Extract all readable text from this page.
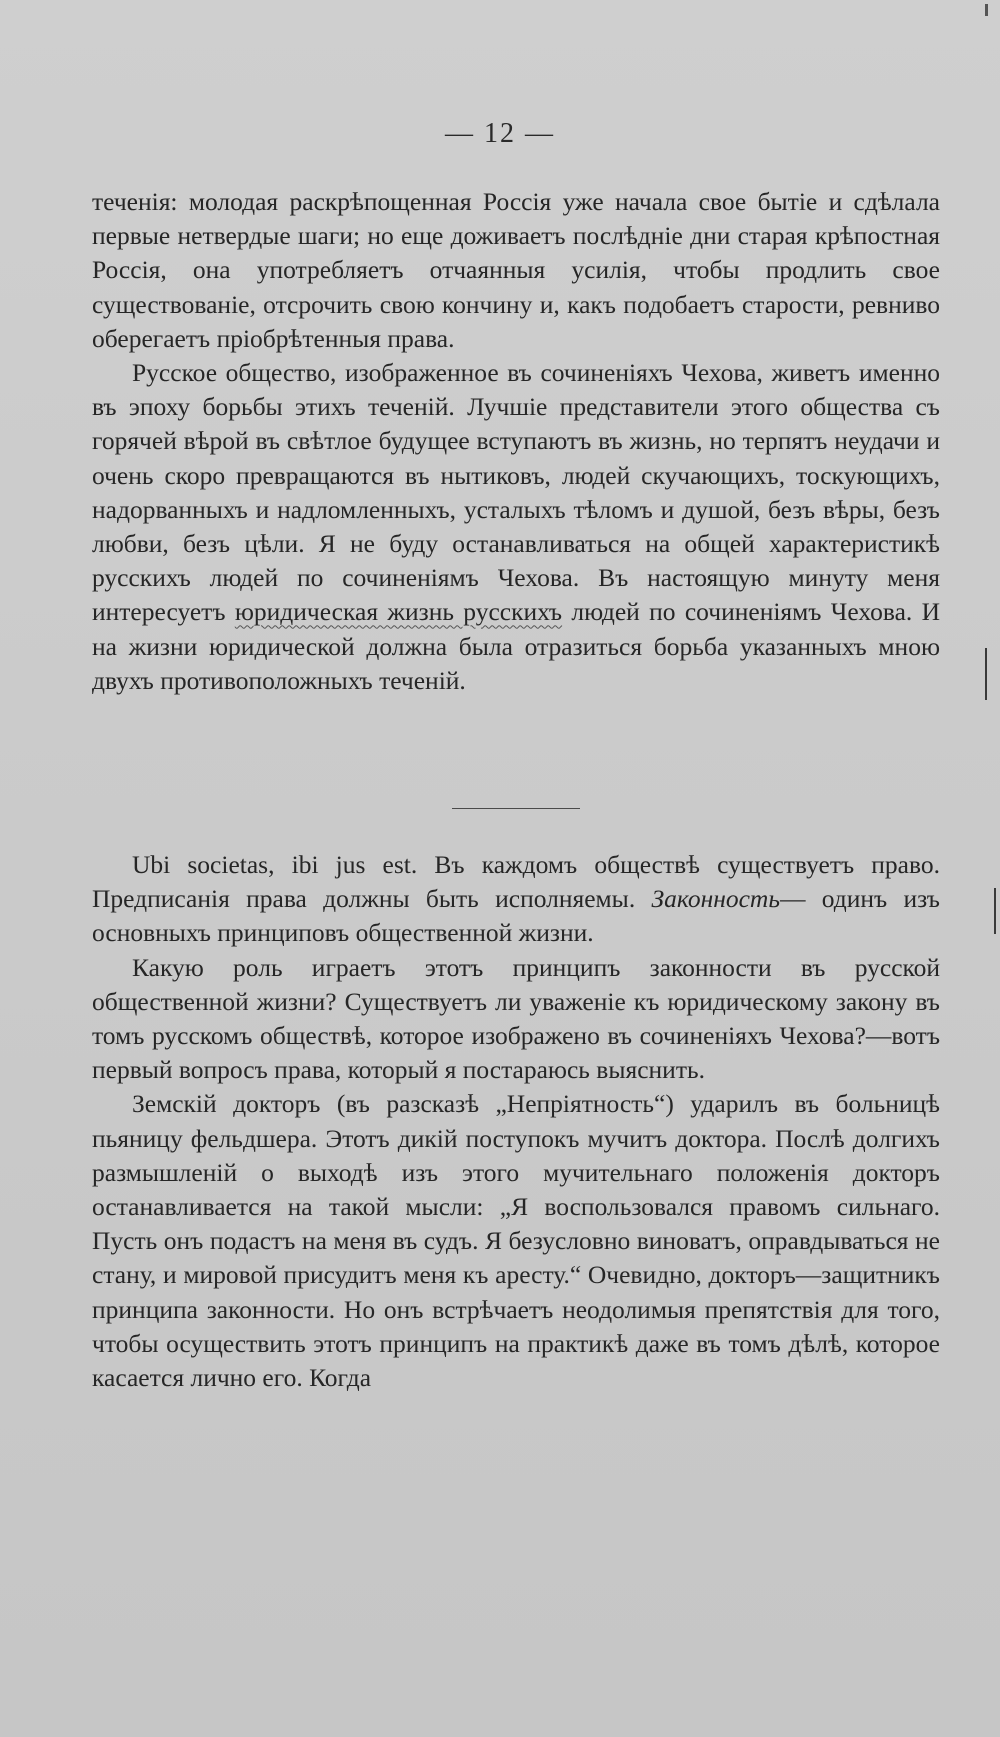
— 12 —

теченія: молодая раскрѣпощенная Россія уже начала свое бытіе и сдѣлала первые нетвердые шаги; но еще доживаетъ послѣдніе дни старая крѣпостная Россія, она употребляетъ отчаянныя усилія, чтобы продлить свое существованіе, отсрочить свою кончину и, какъ подобаетъ старости, ревниво оберегаетъ пріобрѣтенныя права.

Русское общество, изображенное въ сочиненіяхъ Чехова, живетъ именно въ эпоху борьбы этихъ теченій. Лучшіе представители этого общества съ горячей вѣрой въ свѣтлое будущее вступаютъ въ жизнь, но терпятъ неудачи и очень скоро превращаются въ нытиковъ, людей скучающихъ, тоскующихъ, надорванныхъ и надломленныхъ, усталыхъ тѣломъ и душой, безъ вѣры, безъ любви, безъ цѣли. Я не буду останавливаться на общей характеристикѣ русскихъ людей по сочиненіямъ Чехова. Въ настоящую минуту меня интересуетъ юридическая жизнь русскихъ людей по сочиненіямъ Чехова. И на жизни юридической должна была отразиться борьба указанныхъ мною двухъ противоположныхъ теченій.

Ubi societas, ibi jus est. Въ каждомъ обществѣ существуетъ право. Предписанія права должны быть исполняемы. Законность— одинъ изъ основныхъ принциповъ общественной жизни.

Какую роль играетъ этотъ принципъ законности въ русской общественной жизни? Существуетъ ли уваженіе къ юридическому закону въ томъ русскомъ обществѣ, которое изображено въ сочиненіяхъ Чехова?—вотъ первый вопросъ права, который я постараюсь выяснить.

Земскій докторъ (въ разсказѣ „Непріятность“) ударилъ въ больницѣ пьяницу фельдшера. Этотъ дикій поступокъ мучитъ доктора. Послѣ долгихъ размышленій о выходѣ изъ этого мучительнаго положенія докторъ останавливается на такой мысли: „Я воспользовался правомъ сильнаго. Пусть онъ подастъ на меня въ судъ. Я безусловно виноватъ, оправдываться не стану, и мировой присудитъ меня къ аресту.“ Очевидно, докторъ—защитникъ принципа законности. Но онъ встрѣчаетъ неодолимыя препятствія для того, чтобы осуществить этотъ принципъ на практикѣ даже въ томъ дѣлѣ, которое касается лично его. Когда
